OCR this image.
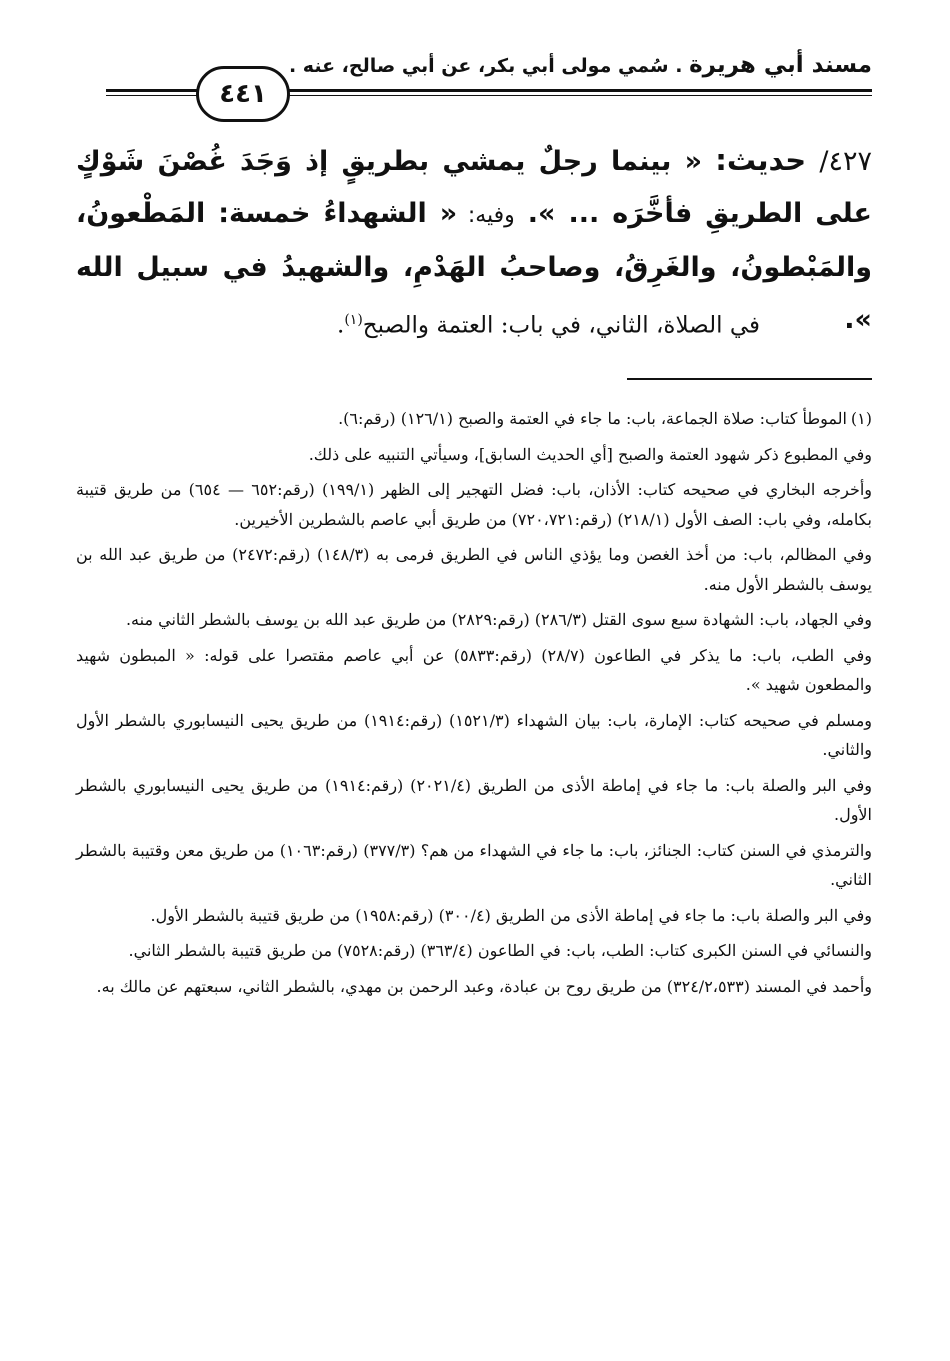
مسند أبي هريرة . سُمي مولى أبي بكر، عن أبي صالح، عنه .
٤٤١
٤٢٧/ حديث: « بينما رجلٌ يمشي بطريقٍ إذ وَجَدَ غُصْنَ شَوْكٍ على الطريقِ فأخَّرَه ... ». وفيه: « الشهداءُ خمسة: المَطْعونُ، والمَبْطونُ، والغَرِقُ، وصاحبُ الهَدْمِ، والشهيدُ في سبيل الله ».
في الصلاة، الثاني، في باب: العتمة والصبح$^{(١)}$.

(١)الموطأ كتاب: صلاة الجماعة، باب: ما جاء في العتمة والصبح (١٢٦/١) (رقم:٦).

وفي المطبوع ذكر شهود العتمة والصبح [أي الحديث السابق]، وسيأتي التنبيه على ذلك.

وأخرجه البخاري في صحيحه كتاب: الأذان، باب: فضل التهجير إلى الظهر (١٩٩/١) (رقم:٦٥٢ — ٦٥٤) من طريق قتيبة بكامله، وفي باب: الصف الأول (٢١٨/١) (رقم:٧٢٠،٧٢١) من طريق أبي عاصم بالشطرين الأخيرين.

وفي المظالم، باب: من أخذ الغصن وما يؤذي الناس في الطريق فرمى به (١٤٨/٣) (رقم:٢٤٧٢) من طريق عبد الله بن يوسف بالشطر الأول منه.

وفي الجهاد، باب: الشهادة سبع سوى القتل (٢٨٦/٣) (رقم:٢٨٢٩) من طريق عبد الله بن يوسف بالشطر الثاني منه.

وفي الطب، باب: ما يذكر في الطاعون (٢٨/٧) (رقم:٥٨٣٣) عن أبي عاصم مقتصرا على قوله: « المبطون شهيد والمطعون شهيد ».

ومسلم في صحيحه كتاب: الإمارة، باب: بيان الشهداء (١٥٢١/٣) (رقم:١٩١٤) من طريق يحيى النيسابوري بالشطر الأول والثاني.

وفي البر والصلة باب: ما جاء في إماطة الأذى من الطريق (٢٠٢١/٤) (رقم:١٩١٤) من طريق يحيى النيسابوري بالشطر الأول.

والترمذي في السنن كتاب: الجنائز، باب: ما جاء في الشهداء من هم؟ (٣٧٧/٣) (رقم:١٠٦٣) من طريق معن وقتيبة بالشطر الثاني.

وفي البر والصلة باب: ما جاء في إماطة الأذى من الطريق (٣٠٠/٤) (رقم:١٩٥٨) من طريق قتيبة بالشطر الأول.

والنسائي في السنن الكبرى كتاب: الطب، باب: في الطاعون (٣٦٣/٤) (رقم:٧٥٢٨) من طريق قتيبة بالشطر الثاني.

وأحمد في المسند (٣٢٤/٢،٥٣٣) من طريق روح بن عبادة، وعبد الرحمن بن مهدي، بالشطر الثاني، سبعتهم عن مالك به.
